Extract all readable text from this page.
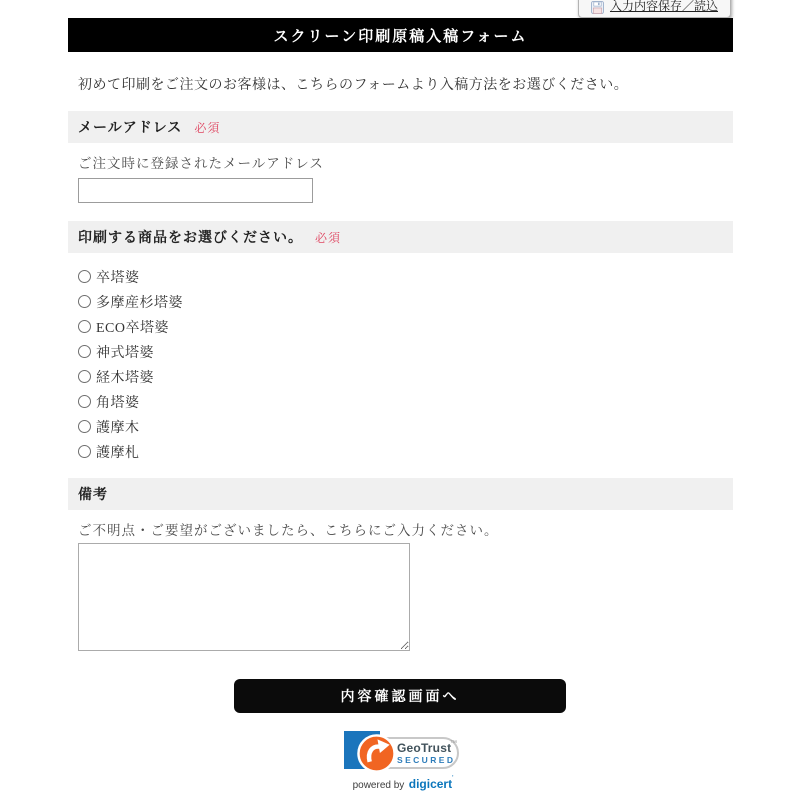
入力内容保存／読込
スクリーン印刷原稿入稿フォーム
初めて印刷をご注文のお客様は、こちらのフォームより入稿方法をお選びください。
メールアドレス 必須
ご注文時に登録されたメールアドレス
印刷する商品をお選びください。 必須
卒塔婆
多摩産杉塔婆
ECO卒塔婆
神式塔婆
経木塔婆
角塔婆
護摩木
護摩札
備考
ご不明点・ご要望がございましたら、こちらにご入力ください。
内容確認画面へ
GeoTrust
SECURED
™
powered by digicert'
